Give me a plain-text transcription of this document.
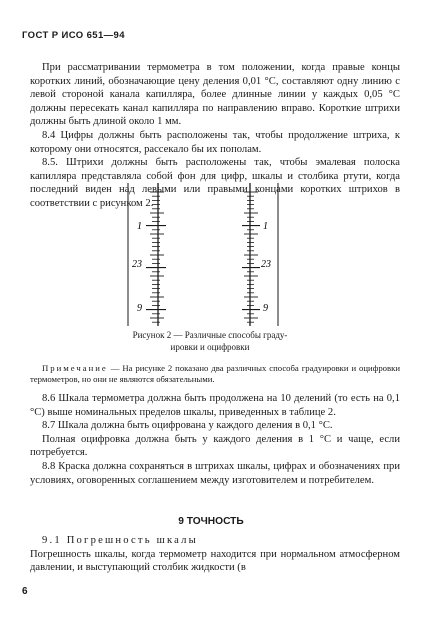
ГОСТ Р ИСО 651—94

При рассматривании термометра в том положении, когда правые концы коротких линий, обозначающие цену деления 0,01 °С, составляют одну линию с левой стороной канала капилляра, более длинные линии у каждых 0,05 °С должны пересекать канал капилляра по направлению вправо. Короткие штрихи должны быть длиной около 1 мм.

8.4 Цифры должны быть расположены так, чтобы продолжение штриха, к которому они относятся, рассекало бы их пополам.

8.5. Штрихи должны быть расположены так, чтобы эмалевая полоска капилляра представляла собой фон для цифр, шкалы и столбика ртути, когда последний виден над левыми или правыми концами коротких штрихов в соответствии с рисунком 2.

1
23
9
1
23
9
Рисунок 2 — Различные способы граду-
ировки и оцифровки
Примечание — На рисунке 2 показано два различных способа градуировки и оцифровки термометров, но они не являются обязательными.

8.6 Шкала термометра должна быть продолжена на 10 делений (то есть на 0,1 °С) выше номинальных пределов шкалы, приведенных в таблице 2.

8.7 Шкала должна быть оцифрована у каждого деления в 0,1 °С.

Полная оцифровка должна быть у каждого деления в 1 °С и чаще, если потребуется.

8.8 Краска должна сохраняться в штрихах шкалы, цифрах и обозначениях при условиях, оговоренных соглашением между изготовителем и потребителем.

9 ТОЧНОСТЬ

9.1 Погрешность шкалы

Погрешность шкалы, когда термометр находится при нормальном атмосферном давлении, и выступающий столбик жидкости (в

6
